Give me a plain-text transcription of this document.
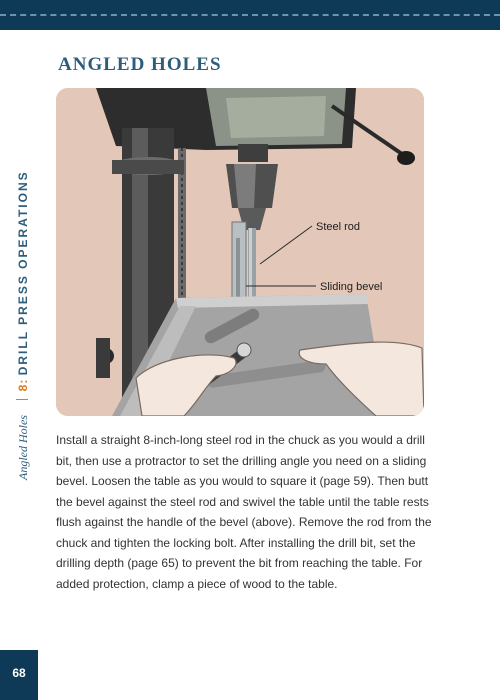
Angled Holes  8: DRILL PRESS OPERATIONS
68
ANGLED HOLES
Steel rod
Sliding bevel

Install a straight 8-inch-long steel rod in the chuck as you would a drill bit, then use a protractor to set the drilling angle you need on a sliding bevel. Loosen the table as you would to square it (page 59). Then butt the bevel against the steel rod and swivel the table until the table rests flush against the handle of the bevel (above). Remove the rod from the chuck and tighten the locking bolt. After installing the drill bit, set the drilling depth (page 65) to prevent the bit from reaching the table. For added protection, clamp a piece of wood to the table.
